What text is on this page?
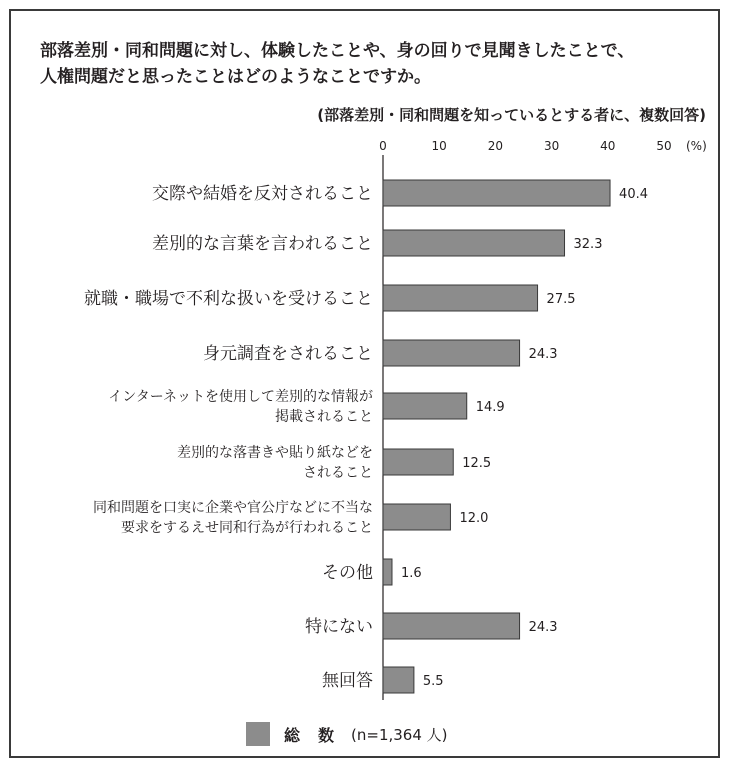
部落差別・同和問題に対し、体験したことや、身の回りで見聞きしたことで、
人権問題だと思ったことはどのようなことですか。
(部落差別・同和問題を知っているとする者に、複数回答)
0	10	20	30	40	50 (%)
40.4
交際や結婚を反対されること
32.3
差別的な言葉を言われること
27.5
就職・職場で不利な扱いを受けること
24.3
身元調査をされること
14.9
インターネットを使用して差別的な情報が
掲載されること
12.5
差別的な落書きや貼り紙などを
されること
12.0
同和問題を口実に企業や官公庁などに不当な
要求をするえせ同和行為が行われること
1.6
その他
24.3
特にない
5.5
無回答
総　数 (n=1,364 人)
